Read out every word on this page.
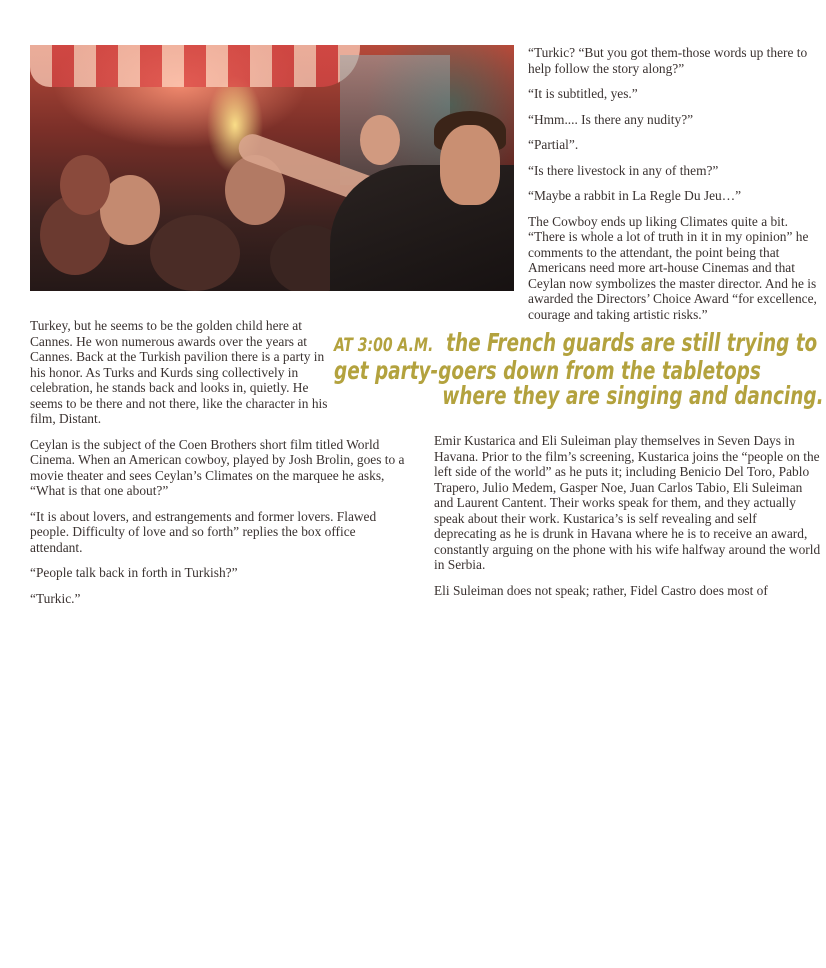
“Turkic? “But you got them-those words up there to help follow the story along?”

“It is subtitled, yes.”

“Hmm.... Is there any nudity?”

“Partial”.

“Is there livestock in any of them?”

“Maybe a rabbit in La Regle Du Jeu…”

The Cowboy ends up liking Climates quite a bit. “There is whole a lot of truth in it in my opinion” he comments to the attendant, the point being that Americans need more art-house Cinemas and that Ceylan now symbolizes the master director. And he is awarded the Directors’ Choice Award “for excellence, courage and taking artistic risks.”

Turkey, but he seems to be the golden child here at Cannes. He won numerous awards over the years at Cannes. Back at the Turkish pavilion there is a party in his honor. As Turks and Kurds sing collectively in celebration, he stands back and looks in, quietly. He seems to be there and not there, like the character in his film, Distant.

Ceylan is the subject of the Coen Brothers short film titled World Cinema. When an American cowboy, played by Josh Brolin, goes to a movie theater and sees Ceylan’s Climates on the marquee he asks, “What is that one about?”

“It is about lovers, and estrangements and former lovers. Flawed people. Difficulty of love and so forth” replies the box office attendant.

“People talk back in forth in Turkish?”

“Turkic.”

AT 3:00 A.M. the French guards are still trying to
get party-goers down from the tabletops
where they are singing and dancing.

Emir Kustarica and Eli Suleiman play themselves in Seven Days in Havana. Prior to the film’s screening, Kustarica joins the “people on the left side of the world” as he puts it; including Benicio Del Toro, Pablo Trapero, Julio Medem, Gasper Noe, Juan Carlos Tabio, Eli Suleiman and Laurent Cantent. Their works speak for them, and they actually speak about their work. Kustarica’s is self revealing and self deprecating as he is drunk in Havana where he is to receive an award, constantly arguing on the phone with his wife halfway around the world in Serbia.

Eli Suleiman does not speak; rather, Fidel Castro does most of
